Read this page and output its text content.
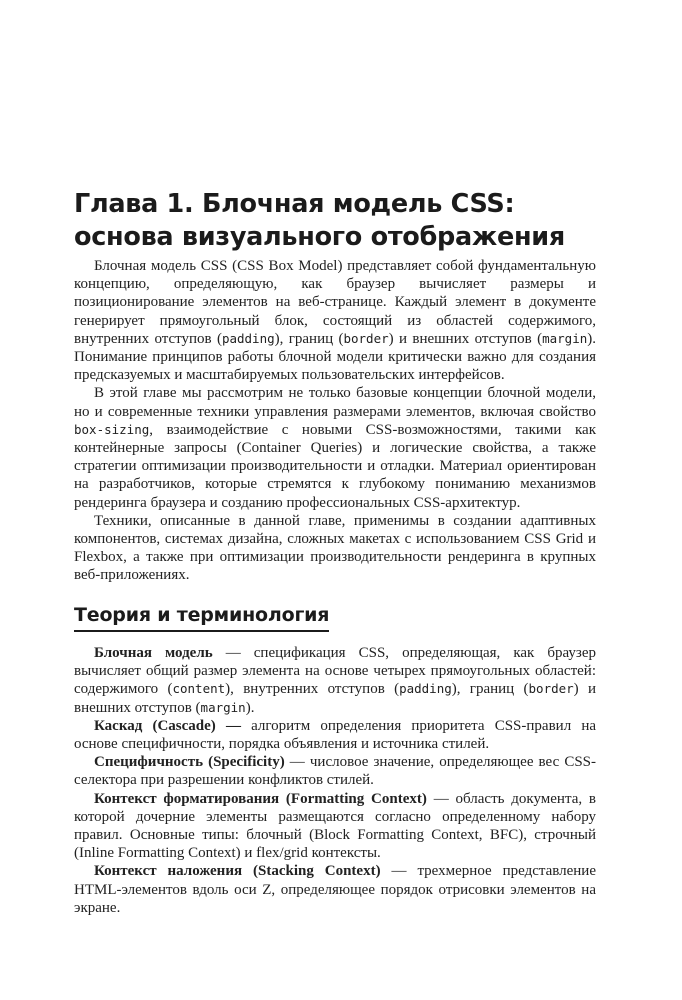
Глава 1. Блочная модель CSS: основа визуального отображения

Блочная модель CSS (CSS Box Model) представляет собой фундаментальную концепцию, определяющую, как браузер вычисляет размеры и позиционирование элементов на веб-странице. Каждый элемент в документе генерирует прямоугольный блок, состоящий из областей содержимого, внутренних отступов (padding), границ (border) и внешних отступов (margin). Понимание принципов работы блочной модели критически важно для создания предсказуемых и масштабируемых пользовательских интерфейсов.

В этой главе мы рассмотрим не только базовые концепции блочной модели, но и современные техники управления размерами элементов, включая свойство box-sizing, взаимодействие с новыми CSS-возможностями, такими как контейнерные запросы (Container Queries) и логические свойства, а также стратегии оптимизации производительности и отладки. Материал ориентирован на разработчиков, которые стремятся к глубокому пониманию механизмов рендеринга браузера и созданию профессиональных CSS-архитектур.

Техники, описанные в данной главе, применимы в создании адаптивных компонентов, системах дизайна, сложных макетах с использованием CSS Grid и Flexbox, а также при оптимизации производительности рендеринга в крупных веб-приложениях.

Теория и терминология

Блочная модель — спецификация CSS, определяющая, как браузер вычисляет общий размер элемента на основе четырех прямоугольных областей: содержимого (content), внутренних отступов (padding), границ (border) и внешних отступов (margin).

Каскад (Cascade) — алгоритм определения приоритета CSS-правил на основе специфичности, порядка объявления и источника стилей.

Специфичность (Specificity) — числовое значение, определяющее вес CSS-селектора при разрешении конфликтов стилей.

Контекст форматирования (Formatting Context) — область документа, в которой дочерние элементы размещаются согласно определенному набору правил. Основные типы: блочный (Block Formatting Context, BFC), строчный (Inline Formatting Context) и flex/grid контексты.

Контекст наложения (Stacking Context) — трехмерное представление HTML-элементов вдоль оси Z, определяющее порядок отрисовки элементов на экране.
